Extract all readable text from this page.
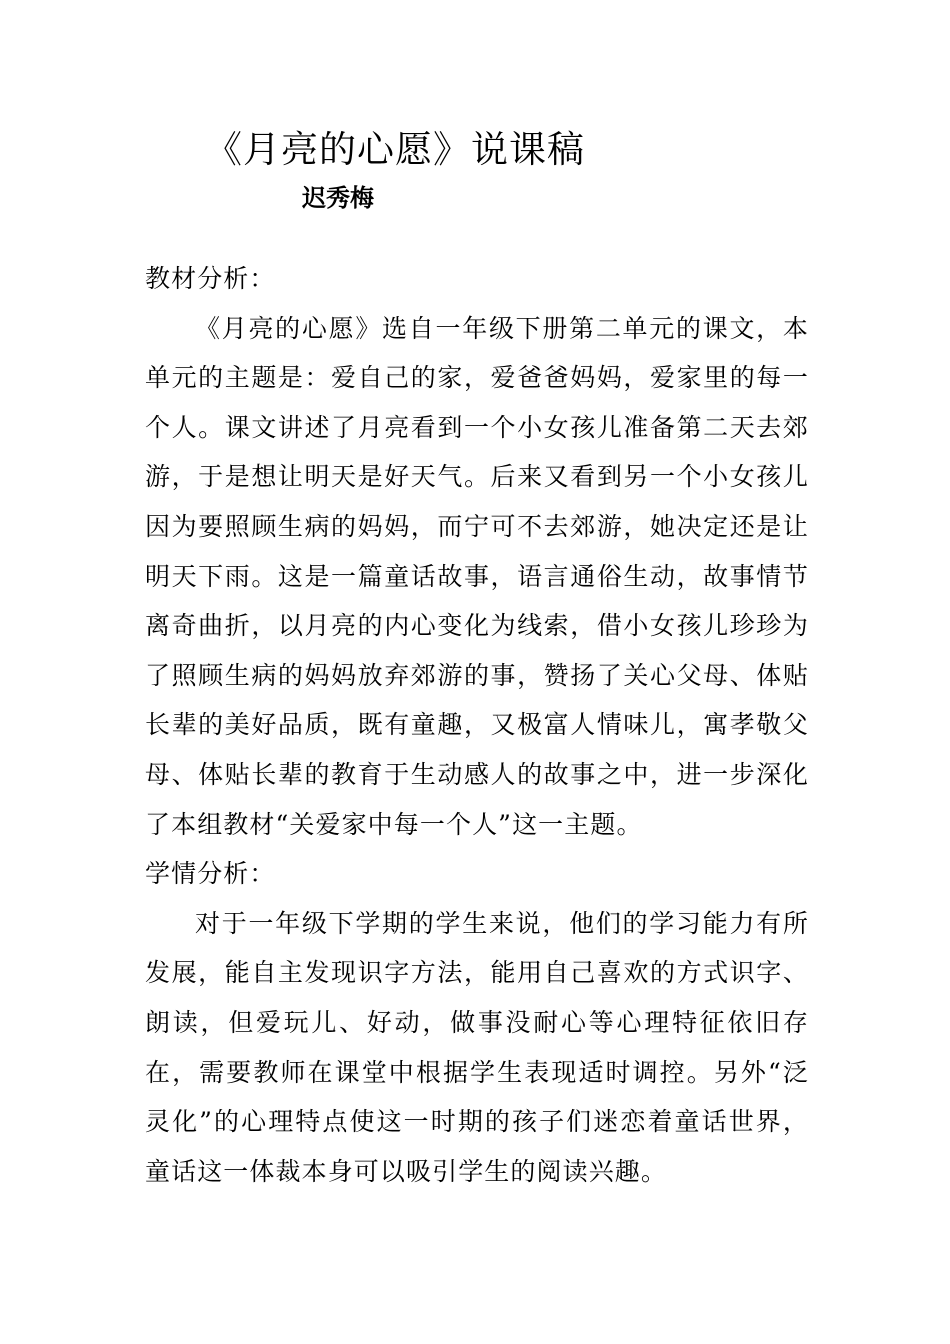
《月亮的心愿》说课稿

迟秀梅

教材分析：

《月亮的心愿》选自一年级下册第二单元的课文，本单元的主题是：爱自己的家，爱爸爸妈妈，爱家里的每一个人。课文讲述了月亮看到一个小女孩儿准备第二天去郊游，于是想让明天是好天气。后来又看到另一个小女孩儿因为要照顾生病的妈妈，而宁可不去郊游，她决定还是让明天下雨。这是一篇童话故事，语言通俗生动，故事情节离奇曲折，以月亮的内心变化为线索，借小女孩儿珍珍为了照顾生病的妈妈放弃郊游的事，赞扬了关心父母、体贴长辈的美好品质，既有童趣，又极富人情味儿，寓孝敬父母、体贴长辈的教育于生动感人的故事之中，进一步深化了本组教材“关爱家中每一个人”这一主题。

学情分析：

对于一年级下学期的学生来说，他们的学习能力有所发展，能自主发现识字方法，能用自己喜欢的方式识字、朗读，但爱玩儿、好动，做事没耐心等心理特征依旧存在，需要教师在课堂中根据学生表现适时调控。另外“泛灵化”的心理特点使这一时期的孩子们迷恋着童话世界，童话这一体裁本身可以吸引学生的阅读兴趣。
